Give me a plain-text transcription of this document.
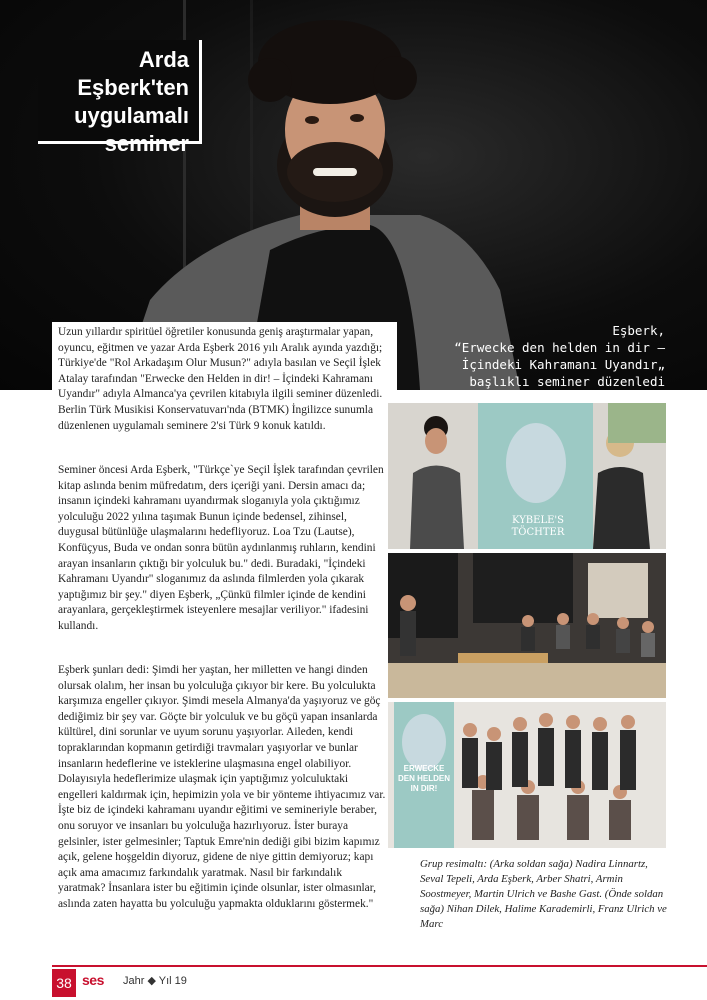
Arda Eşberk'ten
uygulamalı
seminer
Eşberk,
“Erwecke den helden in dir –
İçindeki Kahramanı Uyandır„
başlıklı seminer düzenledi
Uzun yıllardır spiritüel öğretiler konusunda geniş araştırmalar yapan, oyuncu, eğitmen ve yazar Arda Eşberk 2016 yılı Aralık ayında yazdığı; Türkiye'de "Rol Arkadaşım Olur Musun?" adıyla basılan ve Seçil İşlek Atalay tarafından "Erwecke den Helden in dir! – İçindeki Kahramanı Uyandır" adıyla Almanca'ya çevrilen kitabıyla ilgili seminer düzenledi. Berlin Türk Musikisi Konservatuvarı'nda (BTMK) İngilizce sunumla düzenlenen uygulamalı seminere 2'si Türk 9 konuk katıldı.
Seminer öncesi Arda Eşberk, "Türkçe`ye Seçil İşlek tarafından çevrilen kitap aslında benim müfredatım, ders içeriği yani. Dersin amacı da; insanın içindeki kahramanı uyandırmak sloganıyla yola çıktığımız yolculuğu 2022 yılına taşımak Bunun içinde bedensel, zihinsel, duygusal bütünlüğe ulaşmalarını hedefliyoruz. Loa Tzu (Lautse), Konfüçyus, Buda ve ondan sonra bütün aydınlanmış ruhların, kendini arayan insanların çıktığı bir yolculuk bu." dedi. Buradaki, "İçindeki Kahramanı Uyandır" sloganımız da aslında filmlerden yola çıkarak yaptığımız bir şey." diyen Eşberk, „Çünkü filmler içinde de kendini arayanlara, gerçekleştirmek isteyenlere mesajlar veriliyor." ifadesini kullandı.
Eşberk şunları dedi: Şimdi her yaştan, her milletten ve hangi dinden olursak olalım, her insan bu yolculuğa çıkıyor bir kere. Bu yolculukta karşımıza engeller çıkıyor. Şimdi mesela Almanya'da yaşıyoruz ve göç dediğimiz bir şey var. Göçte bir yolculuk ve bu göçü yapan insanlarda kültürel, dini sorunlar ve uyum sorunu yaşıyorlar. Aileden, kendi topraklarından kopmanın getirdiği travmaları yaşıyorlar ve bunlar insanların hedeflerine ve isteklerine ulaşmasına engel olabiliyor. Dolayısıyla hedeflerimize ulaşmak için yaptığımız yolculuktaki engelleri kaldırmak için, hepimizin yola ve bir yönteme ihtiyacımız var. İşte biz de içindeki kahramanı uyandır eğitimi ve semineriyle beraber, onu soruyor ve insanları bu yolculuğa hazırlıyoruz. İster buraya gelsinler, ister gelmesinler; Taptuk Emre'nin dediği gibi bizim kapımız açık, gelene hoşgeldin diyoruz, gidene de niye gittin demiyoruz; kapı açık ama amacımız farkındalık yaratmak. Nasıl bir farkındalık yaratmak? İnsanlara ister bu eğitimin içinde olsunlar, ister olmasınlar, aslında zaten hayatta bu yolculuğu yapmakta olduklarını göstermek."
KYBELE'S
TÖCHTER
ERWECKE
DEN HELDEN
IN DIR!
Grup resimaltı: (Arka soldan sağa) Nadira Linnartz, Seval Tepeli, Arda Eşberk, Arber Shatri, Armin Soostmeyer, Martin Ulrich ve Bashe Gast. (Önde soldan sağa) Nihan Dilek, Halime Karademirli, Franz Ulrich ve Marc
38 ses Jahr ◆ Yıl 19
